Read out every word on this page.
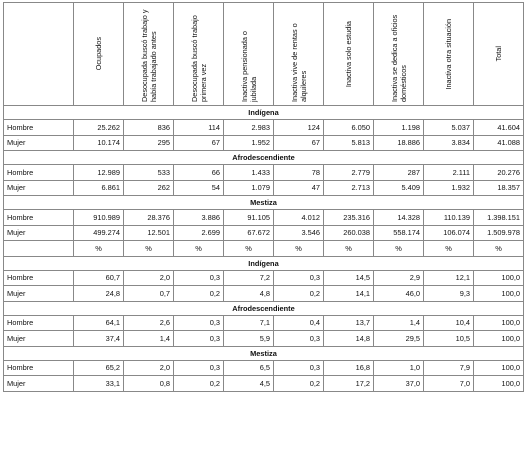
	Ocupados	Desocupada buscó trabajo y había trabajado antes	Desocupada buscó trabajo primera vez	Inactiva pensionada o jubilada	Inactiva vive de rentas o alquileres	Inactiva solo estudia	Inactiva se dedica a oficios domésticos	Inactiva otra situación	Total

Indígena									
Hombre	25.262	836	114	2.983	124	6.050	1.198	5.037	41.604
Mujer	10.174	295	67	1.952	67	5.813	18.886	3.834	41.088
Afrodescendiente									
Hombre	12.989	533	66	1.433	78	2.779	287	2.111	20.276
Mujer	6.861	262	54	1.079	47	2.713	5.409	1.932	18.357
Mestiza									
Hombre	910.989	28.376	3.886	91.105	4.012	235.316	14.328	110.139	1.398.151
Mujer	499.274	12.501	2.699	67.672	3.546	260.038	558.174	106.074	1.509.978
	%	%	%	%	%	%	%	%	%
Indígena									
Hombre	60,7	2,0	0,3	7,2	0,3	14,5	2,9	12,1	100,0
Mujer	24,8	0,7	0,2	4,8	0,2	14,1	46,0	9,3	100,0
Afrodescendiente									
Hombre	64,1	2,6	0,3	7,1	0,4	13,7	1,4	10,4	100,0
Mujer	37,4	1,4	0,3	5,9	0,3	14,8	29,5	10,5	100,0
Mestiza									
Hombre	65,2	2,0	0,3	6,5	0,3	16,8	1,0	7,9	100,0
Mujer	33,1	0,8	0,2	4,5	0,2	17,2	37,0	7,0	100,0
